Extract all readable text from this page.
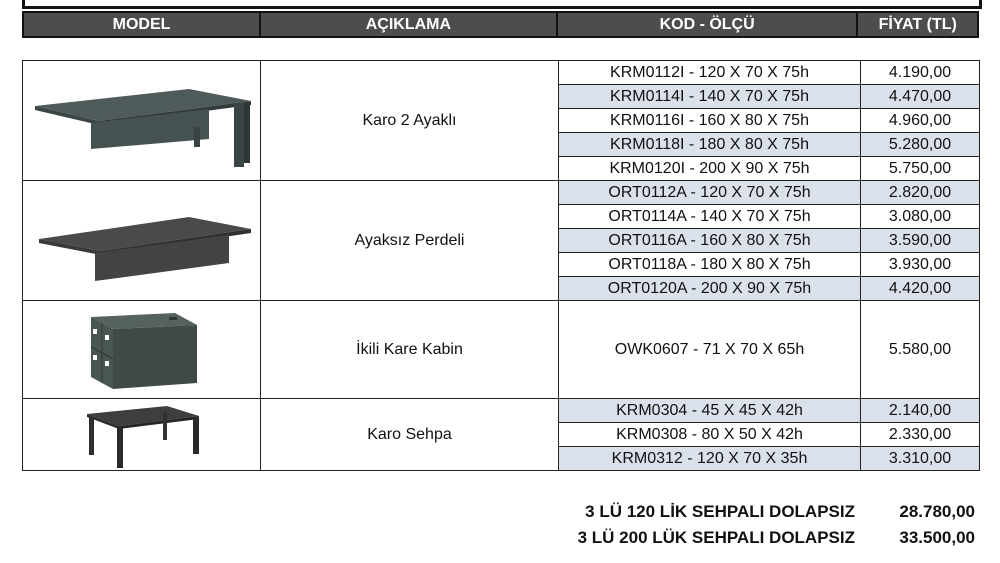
MODEL	AÇIKLAMA	KOD - ÖLÇÜ	FİYAT (TL)
	Karo 2 Ayaklı	KRM0112I - 120 X 70 X 75h	4.190,00
		KRM0114I - 140 X 70 X 75h	4.470,00
		KRM0116I - 160 X 80 X 75h	4.960,00
		KRM0118I - 180 X 80 X 75h	5.280,00
		KRM0120I - 200 X 90 X 75h	5.750,00

	Ayaksız Perdeli	ORT0112A - 120 X 70 X 75h	2.820,00
		ORT0114A - 140 X 70 X 75h	3.080,00
		ORT0116A - 160 X 80 X 75h	3.590,00
		ORT0118A - 180 X 80 X 75h	3.930,00
		ORT0120A - 200 X 90 X 75h	4.420,00

	İkili Kare Kabin	OWK0607 - 71 X 70 X 65h	5.580,00

	Karo Sehpa	KRM0304 - 45 X 45 X 42h	2.140,00
		KRM0308 - 80 X 50 X 42h	2.330,00
		KRM0312 - 120 X 70 X 35h	3.310,00
3 LÜ 120 LİK SEHPALI DOLAPSIZ	28.780,00
3 LÜ 200 LÜK SEHPALI DOLAPSIZ	33.500,00
